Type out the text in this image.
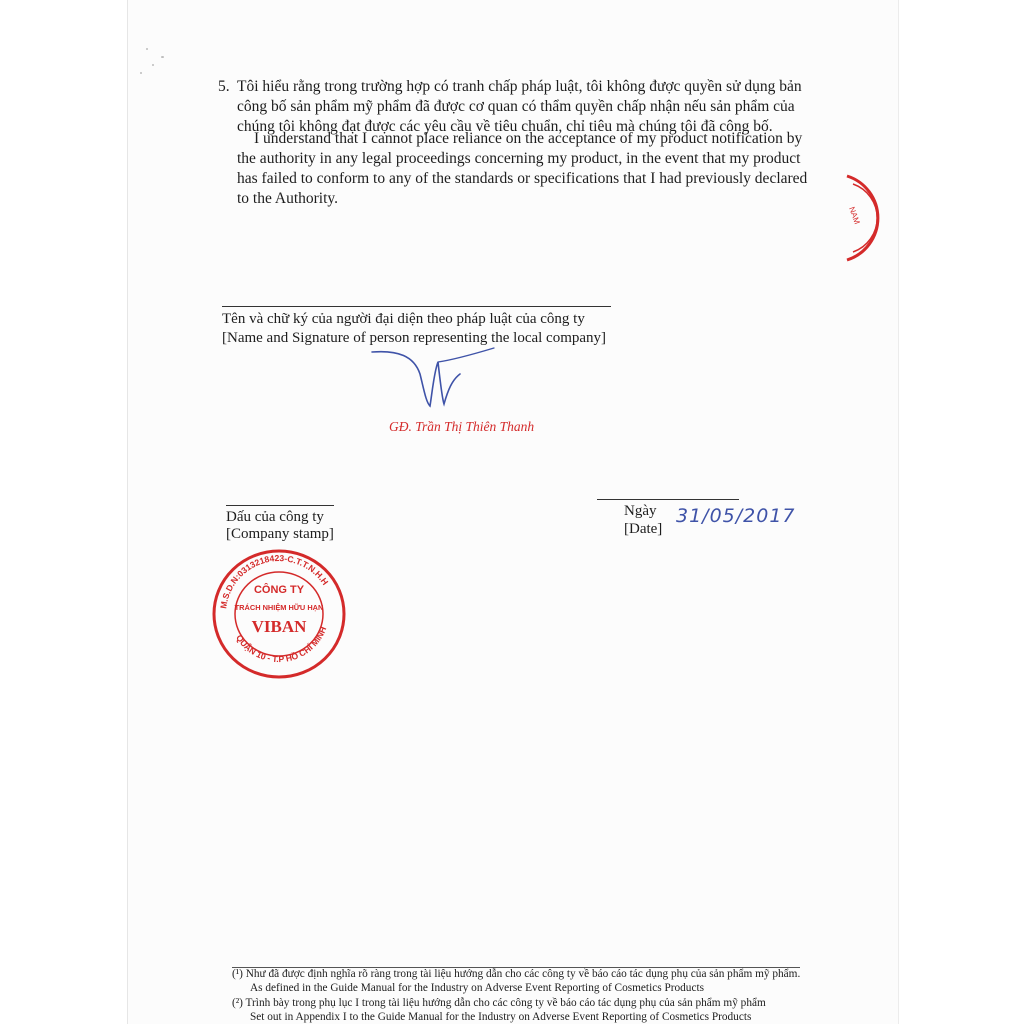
5. Tôi hiểu rằng trong trường hợp có tranh chấp pháp luật, tôi không được quyền sử dụng bản
công bố sản phẩm mỹ phẩm đã được cơ quan có thẩm quyền chấp nhận nếu sản phẩm của
chúng tôi không đạt được các yêu cầu về tiêu chuẩn, chỉ tiêu mà chúng tôi đã công bố.
I understand that I cannot place reliance on the acceptance of my product notification by
the authority in any legal proceedings concerning my product, in the event that my product
has failed to conform to any of the standards or specifications that I had previously declared
to the Authority.
NAM
Tên và chữ ký của người đại diện theo pháp luật của công ty
[Name and Signature of person representing the local company]
GĐ. Trần Thị Thiên Thanh
Dấu của công ty
[Company stamp]
M.S.D.N:0313218423-C.T.T.N.H.H
QUẬN 10 - T.P HỒ CHÍ MINH
CÔNG TY
TRÁCH NHIỆM HỮU HẠN
VIBAN
Ngày
[Date]
31/05/2017
(¹) Như đã được định nghĩa rõ ràng trong tài liệu hướng dẫn cho các công ty về báo cáo tác dụng phụ của sản phẩm mỹ phẩm.
As defined in the Guide Manual for the Industry on Adverse Event Reporting of Cosmetics Products
(²) Trình bày trong phụ lục I trong tài liệu hướng dẫn cho các công ty về báo cáo tác dụng phụ của sản phẩm mỹ phẩm
Set out in Appendix I to the Guide Manual for the Industry on Adverse Event Reporting of Cosmetics Products
